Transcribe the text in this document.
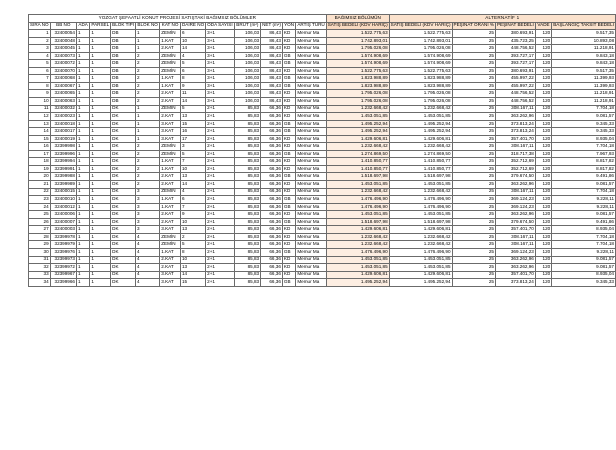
YOZGAT ŞEFAATLİ KONUT PROJESİ SATIŞTAKİ BAĞIMSIZ BÖLÜMLER													BAĞIMSIZ BÖLÜMÜN	ALTERNATİF 1				
SIRA NO	BB NO	ADA	PARSEL	BLOK TİPİ	BLOK NO	KAT NO	DAİRE NO	ODA SAYISI	BRÜT (m²)	NET (m²)	YÖN	ARTIŞ TÜRÜ	SATIŞ BEDELİ (KDV HARİÇ)	SATIŞ BEDELİ (KDV HARİÇ)	PEŞİNAT ORANI %	PEŞİNAT BEDELİ	VADE	BAŞLANGIÇ TAKSİT BEDELİ
1	32400054	1	1	DB	1	ZEMİN	6	3+1	106,03	86,43	KD	Memur Ma	1.522.775,63	1.522.775,63	25	380.693,91	120	9.517,35
2	32400048	1	1	DB	1	1.KAT	10	3+1	106,03	86,43	KD	Memur Ma	1.742.893,01	1.742.893,01	25	435.723,25	120	10.893,08
3	32400045	1	1	DB	1	2.KAT	14	3+1	106,03	86,43	KD	Memur Ma	1.795.026,08	1.795.026,08	25	448.756,52	120	11.218,91
4	32400073	1	1	DB	2	ZEMİN	4	3+1	106,03	86,43	GB	Memur Ma	1.574.908,69	1.574.908,69	25	393.727,17	120	9.843,18
5	32400072	1	1	DB	2	ZEMİN	5	3+1	106,03	86,43	GB	Memur Ma	1.574.908,69	1.574.908,69	25	393.727,17	120	9.843,18
6	32400070	1	1	DB	2	ZEMİN	6	3+1	106,03	86,43	KD	Memur Ma	1.522.775,63	1.522.775,63	25	380.693,91	120	9.517,35
7	32400068	1	1	DB	2	1.KAT	8	3+1	106,03	86,43	GB	Memur Ma	1.823.988,89	1.823.988,89	25	455.997,22	120	11.399,93
8	32400067	1	1	DB	2	1.KAT	9	3+1	106,03	86,43	GB	Memur Ma	1.823.988,89	1.823.988,89	25	455.997,22	120	11.399,93
9	32400065	1	1	DB	2	2.KAT	11	3+1	106,03	86,43	KD	Memur Ma	1.795.026,08	1.795.026,08	25	448.756,52	120	11.218,91
10	32400063	1	1	DB	2	2.KAT	14	3+1	106,03	86,43	KD	Memur Ma	1.795.026,08	1.795.026,08	25	448.756,52	120	11.218,91
11	32400032	1	1	DK	1	ZEMİN	5	2+1	85,83	66,36	KD	Memur Ma	1.232.668,42	1.232.668,42	25	308.167,11	120	7.704,18
12	32400023	1	1	DK	1	2.KAT	13	2+1	85,83	66,36	KD	Memur Ma	1.453.051,85	1.453.051,85	25	363.262,96	120	9.081,57
13	32400018	1	1	DK	1	3.KAT	15	2+1	85,83	66,36	GB	Memur Ma	1.495.252,94	1.495.252,94	25	373.813,24	120	9.345,33
14	32400017	1	1	DK	1	3.KAT	16	2+1	85,83	66,36	GB	Memur Ma	1.495.252,94	1.495.252,94	25	373.813,24	120	9.345,33
15	32400019	1	1	DK	1	3.KAT	17	2+1	85,83	66,36	KD	Memur Ma	1.429.606,81	1.429.606,81	25	357.401,70	120	8.935,04
16	32399998	1	1	DK	2	ZEMİN	3	2+1	85,83	66,36	KD	Memur Ma	1.232.668,42	1.232.668,42	25	308.167,11	120	7.704,18
17	32399996	1	1	DK	2	ZEMİN	5	2+1	85,83	66,36	GB	Memur Ma	1.274.869,50	1.274.869,50	25	318.717,38	120	7.967,93
18	32399994	1	1	DK	2	1.KAT	7	2+1	85,83	66,36	KD	Memur Ma	1.410.850,77	1.410.850,77	25	352.712,69	120	8.817,82
19	32399991	1	1	DK	2	1.KAT	10	2+1	85,83	66,36	KD	Memur Ma	1.410.850,77	1.410.850,77	25	352.712,69	120	8.817,82
20	32399988	1	1	DK	2	2.KAT	13	2+1	85,83	66,36	GB	Memur Ma	1.518.697,98	1.518.697,98	25	379.674,50	120	9.491,86
21	32399989	1	1	DK	2	2.KAT	14	2+1	85,83	66,36	KD	Memur Ma	1.453.051,85	1.453.051,85	25	363.262,96	120	9.081,57
22	32400015	1	1	DK	3	ZEMİN	4	2+1	85,83	66,36	KD	Memur Ma	1.232.668,42	1.232.668,42	25	308.167,11	120	7.704,18
23	32400010	1	1	DK	3	1.KAT	6	2+1	85,83	66,36	GB	Memur Ma	1.476.496,90	1.476.496,90	25	369.124,23	120	9.228,11
24	32400012	1	1	DK	3	1.KAT	7	2+1	85,83	66,36	GB	Memur Ma	1.476.496,90	1.476.496,90	25	369.124,23	120	9.228,11
25	32400006	1	1	DK	3	2.KAT	9	2+1	85,83	66,36	KD	Memur Ma	1.453.051,85	1.453.051,85	25	363.262,96	120	9.081,57
26	32400007	1	1	DK	3	2.KAT	10	2+1	85,83	66,36	GB	Memur Ma	1.518.697,98	1.518.697,98	25	379.674,50	120	9.491,86
27	32400003	1	1	DK	3	3.KAT	13	2+1	85,83	66,36	KD	Memur Ma	1.429.606,81	1.429.606,81	25	357.401,70	120	8.935,04
28	32399978	1	1	DK	4	ZEMİN	2	2+1	85,83	66,36	KD	Memur Ma	1.232.668,42	1.232.668,42	25	308.167,11	120	7.704,18
29	32399979	1	1	DK	4	ZEMİN	5	2+1	85,83	66,36	KD	Memur Ma	1.232.668,42	1.232.668,42	25	308.167,11	120	7.704,18
30	32399976	1	1	DK	4	1.KAT	8	2+1	85,83	66,36	GB	Memur Ma	1.476.496,90	1.476.496,90	25	369.124,23	120	9.228,11
31	32399973	1	1	DK	4	2.KAT	10	2+1	85,83	66,36	KD	Memur Ma	1.453.051,85	1.453.051,85	25	363.262,96	120	9.081,57
32	32399972	1	1	DK	4	2.KAT	13	2+1	85,83	66,36	KD	Memur Ma	1.453.051,85	1.453.051,85	25	363.262,96	120	9.081,57
33	32399967	1	1	DK	4	3.KAT	14	2+1	85,83	66,36	KD	Memur Ma	1.429.606,81	1.429.606,81	25	357.401,70	120	8.935,04
34	32399966	1	1	DK	4	3.KAT	15	2+1	85,83	66,36	GB	Memur Ma	1.495.252,94	1.495.252,94	25	373.813,24	120	9.345,33
